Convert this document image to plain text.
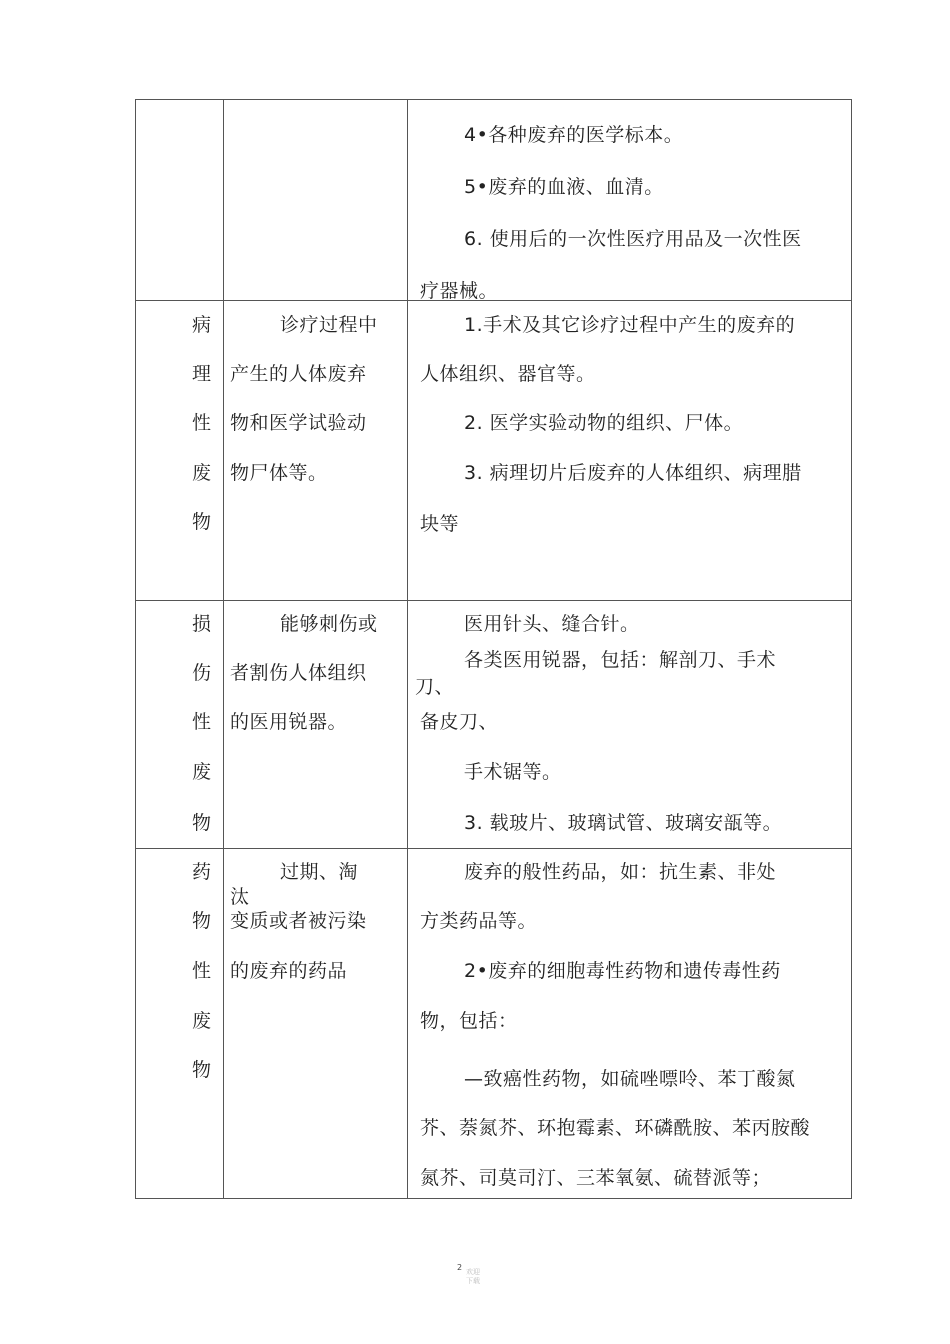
4•各种废弃的医学标本。
5•废弃的血液、血清。
6. 使用后的一次性医疗用品及一次性医
疗器械。
病
理
性
废
物
诊疗过程中
产生的人体废弃
物和医学试验动
物尸体等。
1.手术及其它诊疗过程中产生的废弃的
人体组织、器官等。
2. 医学实验动物的组织、尸体。
3. 病理切片后废弃的人体组织、病理腊
块等
损
伤
性
废
物
能够刺伤或
者割伤人体组织
的医用锐器。
医用针头、缝合针。
各类医用锐器，包括：解剖刀、手术
刀、
备皮刀、
手术锯等。
3. 载玻片、玻璃试管、玻璃安瓿等。
药
物
性
废
物
过期、淘
汰
变质或者被污染
的废弃的药品
废弃的般性药品，如：抗生素、非处
方类药品等。
2•废弃的细胞毒性药物和遗传毒性药
物，包括：
—致癌性药物，如硫唑嘌呤、苯丁酸氮
芥、萘氮芥、环抱霉素、环磷酰胺、苯丙胺酸
氮芥、司莫司汀、三苯氧氨、硫替派等；
2 欢迎下载
